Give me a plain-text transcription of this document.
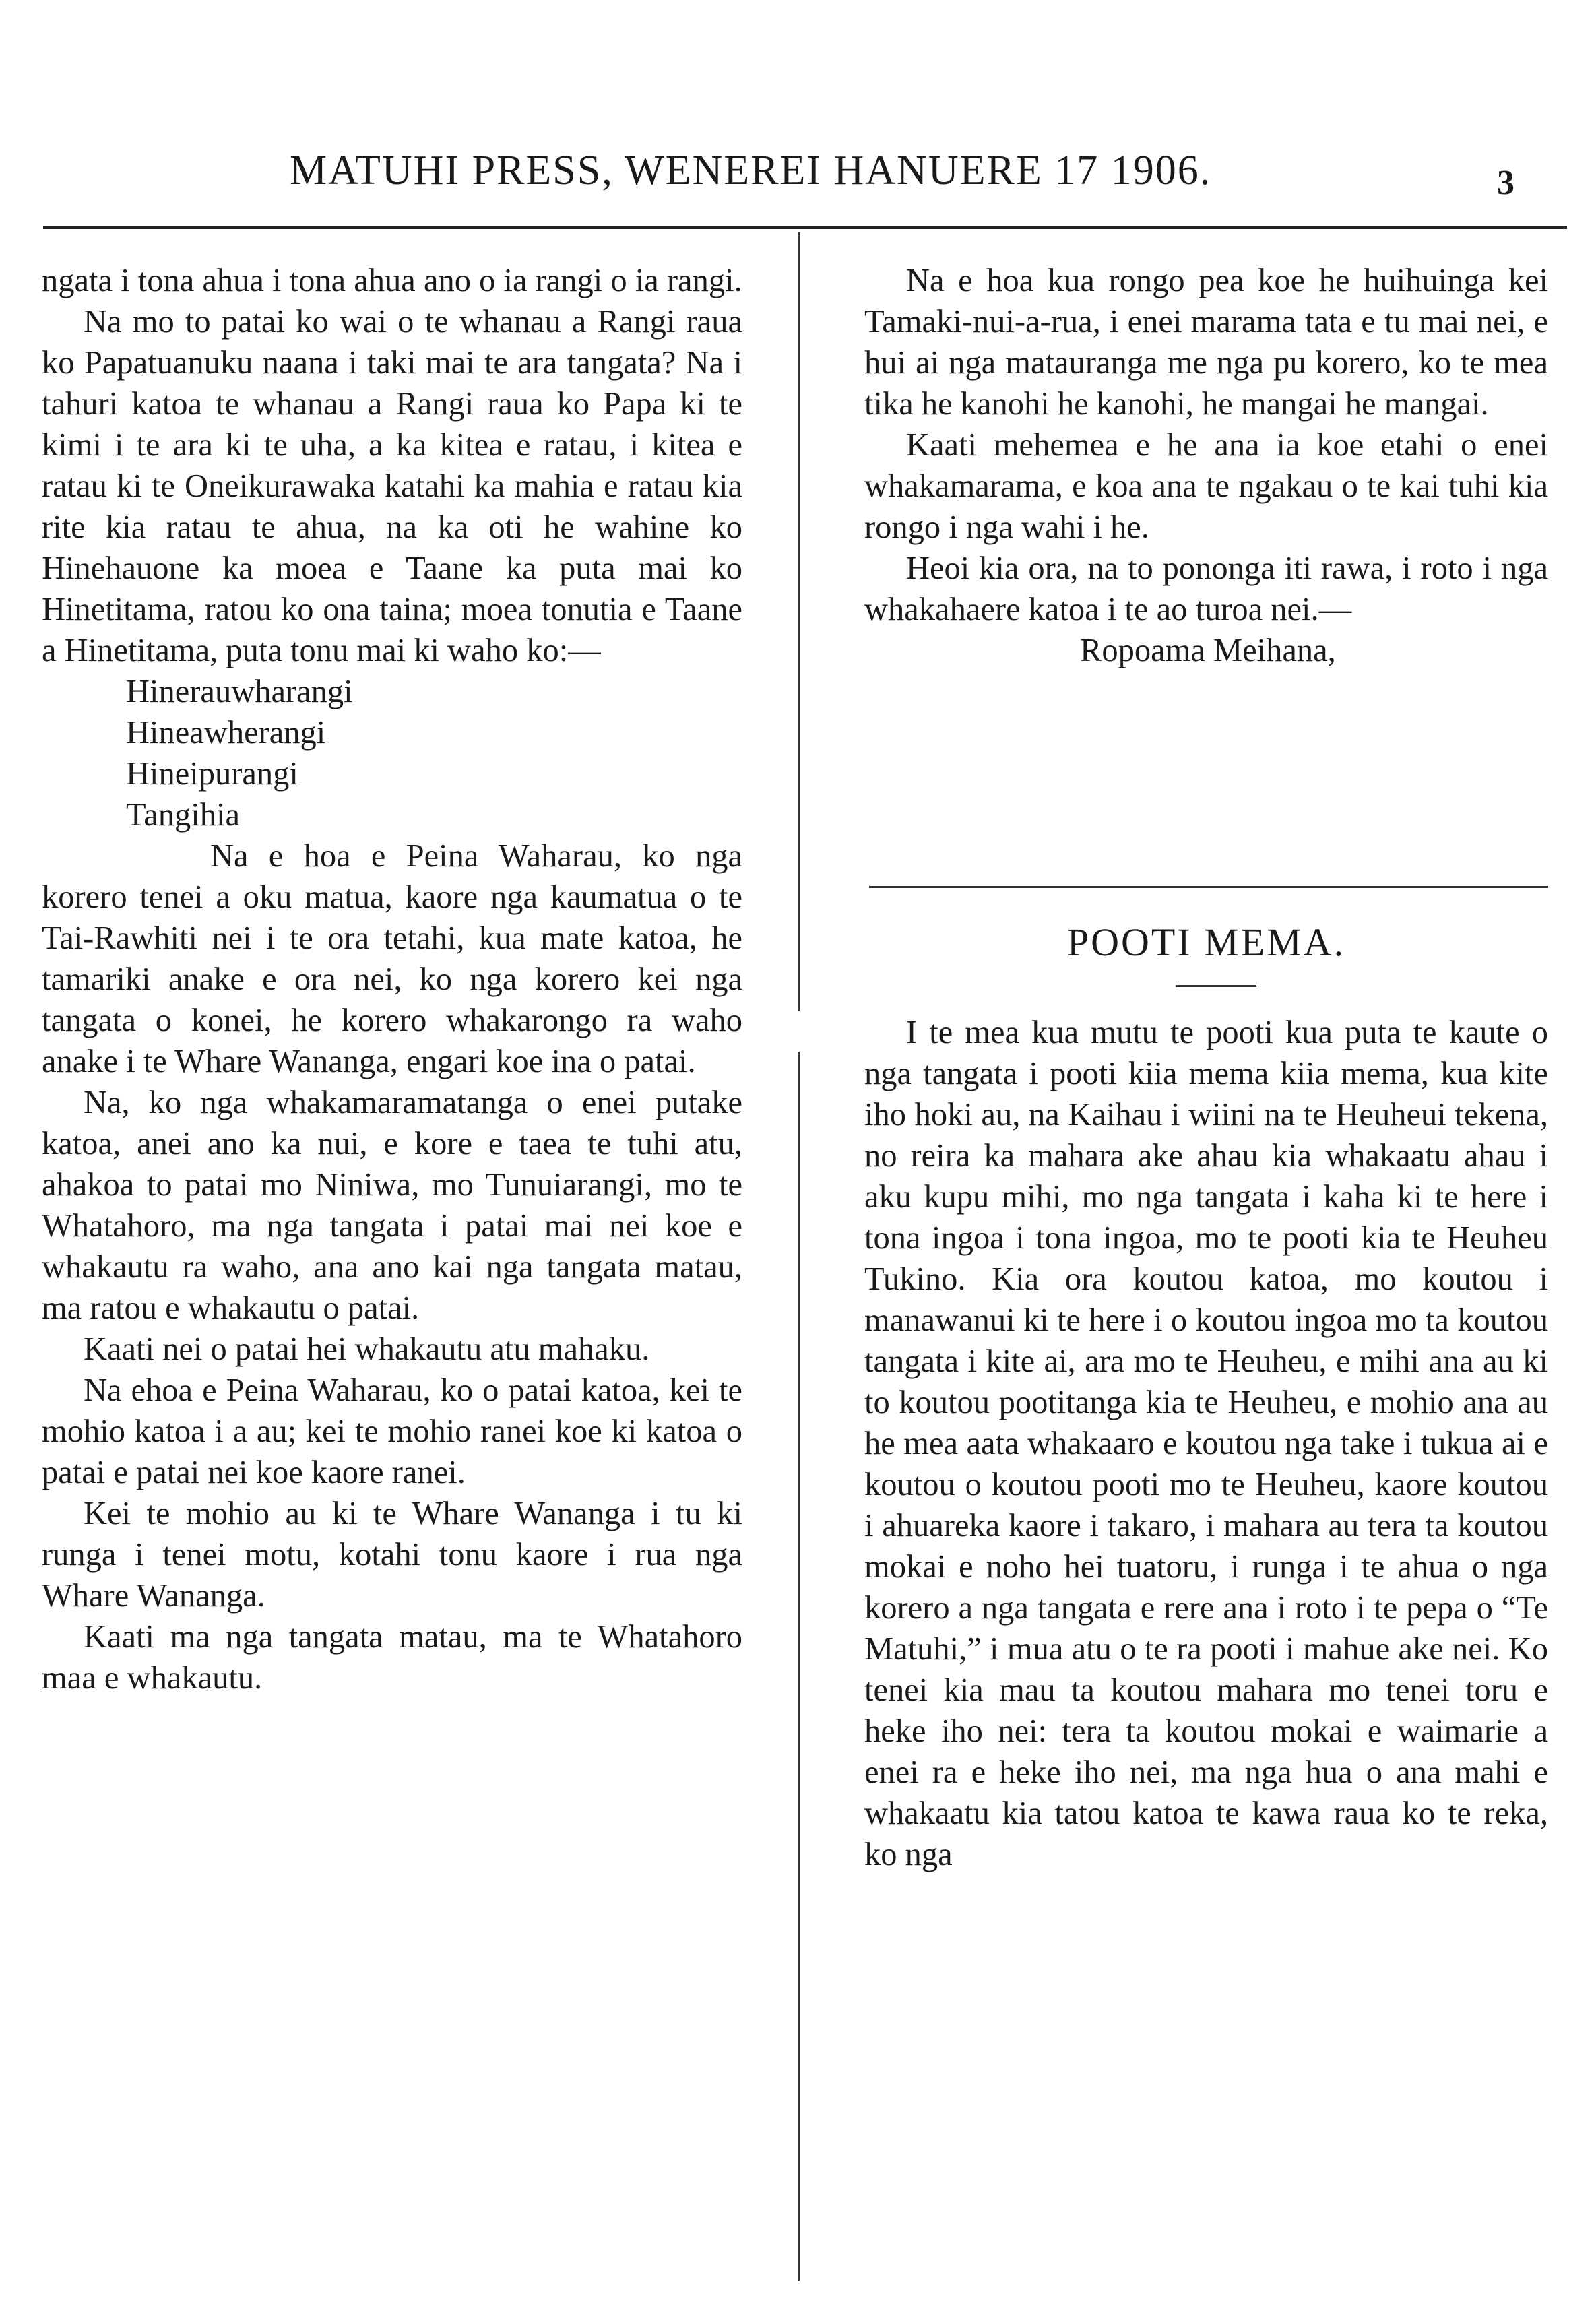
MATUHI PRESS, WENEREI HANUERE 17 1906.	3

ngata i tona ahua i tona ahua ano o ia rangi o ia rangi.

Na mo to patai ko wai o te whanau a Rangi raua ko Papatuanuku naana i taki mai te ara tangata? Na i tahuri katoa te whanau a Rangi raua ko Papa ki te kimi i te ara ki te uha, a ka kitea e ratau, i kitea e ratau ki te Oneikurawaka katahi ka mahia e ratau kia rite kia ratau te ahua, na ka oti he wahine ko Hinehauone ka moea e Taane ka puta mai ko Hinetitama, ratou ko ona taina; moea tonutia e Taane a Hinetitama, puta tonu mai ki waho ko:—

Hinerauwharangi

Hineawherangi

Hineipurangi

Tangihia

Na e hoa e Peina Waharau, ko nga korero tenei a oku matua, kaore nga kaumatua o te Tai-Rawhiti nei i te ora tetahi, kua mate katoa, he tamariki anake e ora nei, ko nga korero kei nga tangata o konei, he korero whakarongo ra waho anake i te Whare Wananga, engari koe ina o patai.

Na, ko nga whakamaramatanga o enei putake katoa, anei ano ka nui, e kore e taea te tuhi atu, ahakoa to patai mo Niniwa, mo Tunuiarangi, mo te Whatahoro, ma nga tangata i patai mai nei koe e whakautu ra waho, ana ano kai nga tangata matau, ma ratou e whakautu o patai.

Kaati nei o patai hei whakautu atu mahaku.

Na ehoa e Peina Waharau, ko o patai katoa, kei te mohio katoa i a au; kei te mohio ranei koe ki katoa o patai e patai nei koe kaore ranei.

Kei te mohio au ki te Whare Wananga i tu ki runga i tenei motu, kotahi tonu kaore i rua nga Whare Wananga.

Kaati ma nga tangata matau, ma te Whatahoro maa e whakautu.

Na e hoa kua rongo pea koe he huihuinga kei Tamaki-nui-a-rua, i enei marama tata e tu mai nei, e hui ai nga matauranga me nga pu korero, ko te mea tika he kanohi he kanohi, he mangai he mangai.

Kaati mehemea e he ana ia koe etahi o enei whakamarama, e koa ana te ngakau o te kai tuhi kia rongo i nga wahi i he.

Heoi kia ora, na to pononga iti rawa, i roto i nga whakahaere katoa i te ao turoa nei.—

Ropoama Meihana,

POOTI MEMA.

I te mea kua mutu te pooti kua puta te kaute o nga tangata i pooti kiia mema kiia mema, kua kite iho hoki au, na Kaihau i wiini na te Heuheui tekena, no reira ka mahara ake ahau kia whakaatu ahau i aku kupu mihi, mo nga tangata i kaha ki te here i tona ingoa i tona ingoa, mo te pooti kia te Heuheu Tukino. Kia ora koutou katoa, mo koutou i manawanui ki te here i o koutou ingoa mo ta koutou tangata i kite ai, ara mo te Heuheu, e mihi ana au ki to koutou pootitanga kia te Heuheu, e mohio ana au he mea aata whakaaro e koutou nga take i tukua ai e koutou o koutou pooti mo te Heuheu, kaore koutou i ahuareka kaore i takaro, i mahara au tera ta koutou mokai e noho hei tuatoru, i runga i te ahua o nga korero a nga tangata e rere ana i roto i te pepa o “Te Matuhi,” i mua atu o te ra pooti i mahue ake nei. Ko tenei kia mau ta koutou mahara mo tenei toru e heke iho nei: tera ta koutou mokai e waimarie a enei ra e heke iho nei, ma nga hua o ana mahi e whakaatu kia tatou katoa te kawa raua ko te reka, ko nga
